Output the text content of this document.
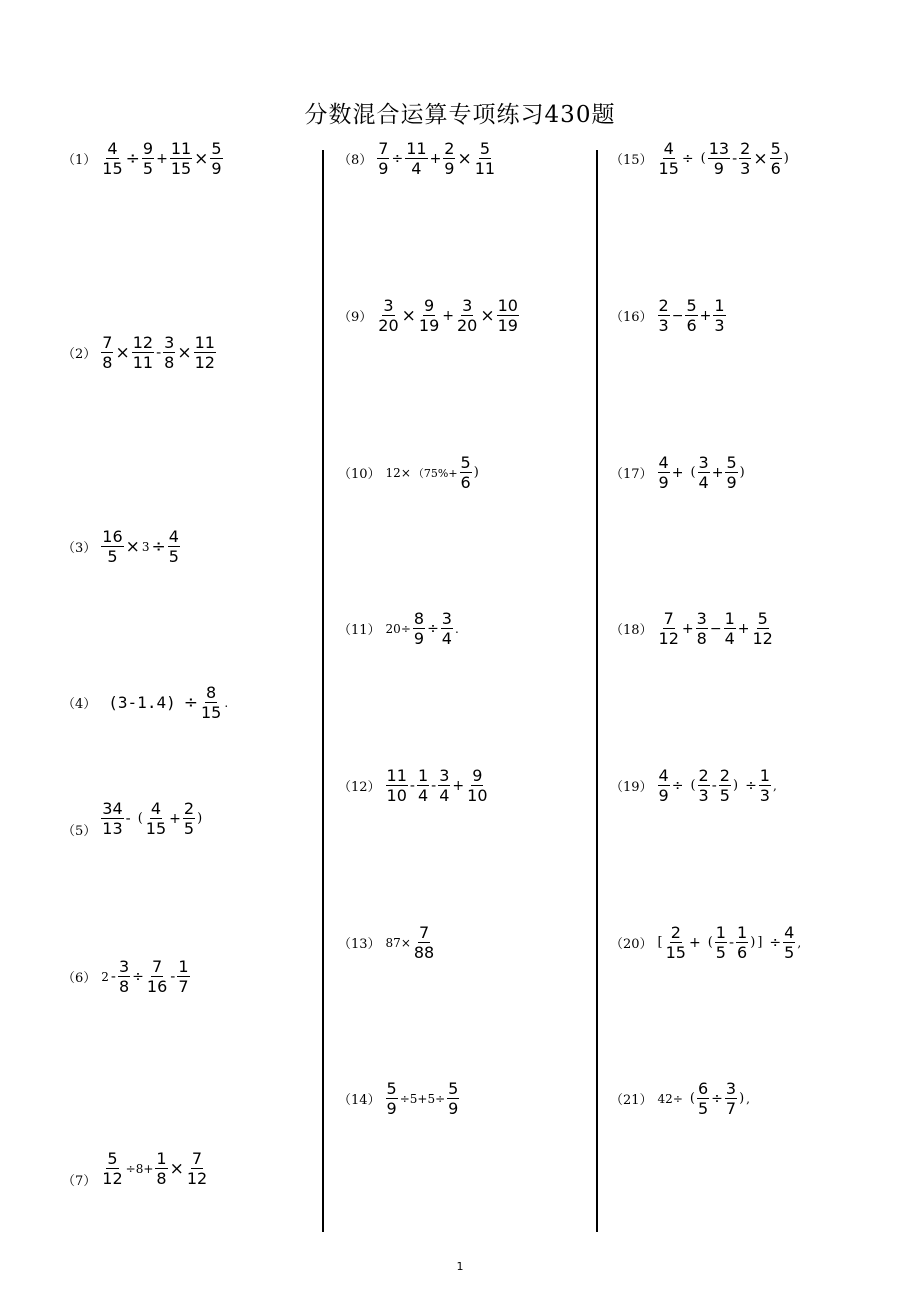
分数混合运算专项练习430题
$(1) \frac{4}{15} \div \frac{9}{5} + \frac{11}{15} \times \frac{5}{9}$
$(2) \frac{7}{8} \times \frac{12}{11} - \frac{3}{8} \times \frac{11}{12}$
$(3) \frac{16}{5} \times 3 \div \frac{4}{5}$
（4） $(3-1.4) \div \frac{8}{15}$ .
$(5) \frac{34}{13}$ - ( $\frac{4}{15} + \frac{2}{5}$ )
（6） $2 - \frac{3}{8} \div \frac{7}{16} - \frac{1}{7}$
$(7) \frac{5}{12} \div 8+ \frac{1}{8} \times \frac{7}{12}$
$(8) \frac{7}{9} \div \frac{11}{4} + \frac{2}{9} \times \frac{5}{11}$
$(9) \frac{3}{20} \times \frac{9}{19} + \frac{3}{20} \times \frac{10}{19}$
（10） $12\times (75\%+ \frac{5}{6}$ )
（11） $20\div \frac{8}{9} \div \frac{3}{4}$ .
$(12) \frac{11}{10} - \frac{1}{4} - \frac{3}{4} + \frac{9}{10}$
（13） $87\times \frac{7}{88}$
$(14) \frac{5}{9} \div 5+5\div \frac{5}{9}$
$(15) \frac{4}{15}$ ÷ ( $\frac{13}{9} - \frac{2}{3} \times \frac{5}{6}$ )
$(16) \frac{2}{3} - \frac{5}{6} + \frac{1}{3}$
$(17) \frac{4}{9}$ + ( $\frac{3}{4} + \frac{5}{9}$ )
$(18) \frac{7}{12} + \frac{3}{8} - \frac{1}{4} + \frac{5}{12}$
$(19) \frac{4}{9}$ ÷ ( $\frac{2}{3} - \frac{2}{5}$ ) ÷ $\frac{1}{3}$ ,
（20） [ $\frac{2}{15}$ + ( $\frac{1}{5} - \frac{1}{6}$ ) ] ÷ $\frac{4}{5}$ ,
（21） 42÷ ( $\frac{6}{5} \div \frac{3}{7}$ ) ,
1
